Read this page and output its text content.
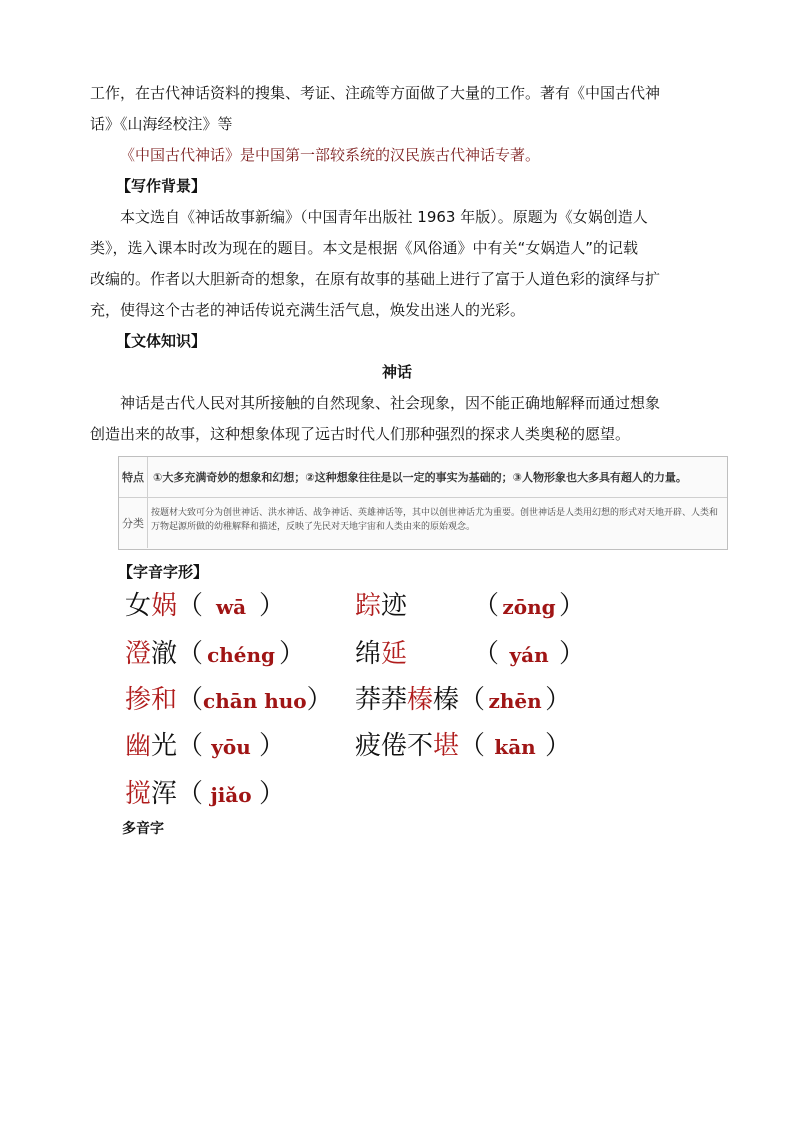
工作，在古代神话资料的搜集、考证、注疏等方面做了大量的工作。著有《中国古代神
话》《山海经校注》等
《中国古代神话》是中国第一部较系统的汉民族古代神话专著。
【写作背景】
本文选自《神话故事新编》（中国青年出版社 1963 年版）。原题为《女娲创造人
类》，选入课本时改为现在的题目。本文是根据《风俗通》中有关“女娲造人”的记载
改编的。作者以大胆新奇的想象，在原有故事的基础上进行了富于人道色彩的演绎与扩
充，使得这个古老的神话传说充满生活气息，焕发出迷人的光彩。
【文体知识】
神话
神话是古代人民对其所接触的自然现象、社会现象，因不能正确地解释而通过想象
创造出来的故事，这种想象体现了远古时代人们那种强烈的探求人类奥秘的愿望。
特点 ①大多充满奇妙的想象和幻想；②这种想象往往是以一定的事实为基础的；③人物形象也大多具有超人的力量。
分类
按题材大致可分为创世神话、洪水神话、战争神话、英雄神话等，其中以创世神话尤为重要。创世神话是人类用幻想的形式对天地开辟、人类和万物起源所做的幼稚解释和描述，反映了先民对天地宇宙和人类由来的原始观念。
【字音字形】
女娲（ wā ）	踪迹	（ zōng ）
澄澈（ chéng ） 绵延	（ yán ）
掺和（chān huo） 莽莽榛榛（ zhēn ）
幽光（ yōu ）	疲倦不堪（ kān ）
搅浑（ jiǎo ）
多音字
